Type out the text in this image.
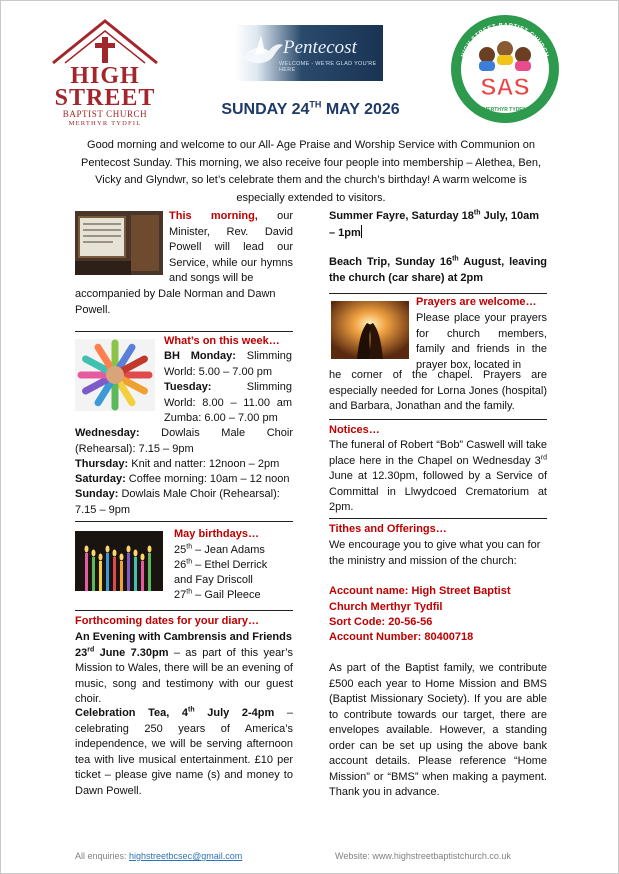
HIGH
STREET
BAPTIST CHURCH
MERTHYR TYDFIL
Pentecost
WELCOME - WE'RE GLAD YOU'RE HERE
HIGH STREET BAPTIST CHURCH
SAS
MERTHYR TYDFIL
SUNDAY 24TH MAY 2026
Good morning and welcome to our All- Age Praise and Worship Service with Communion on Pentecost Sunday. This morning, we also receive four people into membership – Alethea, Ben, Vicky and Glyndwr, so let’s celebrate them and the church’s birthday! A warm welcome is especially extended to visitors.
This morning, our Minister, Rev. David Powell will lead our Service, while our hymns and songs will be
accompanied by Dale Norman and Dawn Powell.
What’s on this week…
BH Monday: Slimming World: 5.00 – 7.00 pm
Tuesday: Slimming World: 8.00 – 11.00 am Zumba: 6.00 – 7.00 pm
Wednesday: Dowlais Male Choir (Rehearsal): 7.15 – 9pm
Thursday: Knit and natter: 12noon – 2pm
Saturday: Coffee morning: 10am – 12 noon
Sunday: Dowlais Male Choir (Rehearsal): 7.15 – 9pm
May birthdays…
25th – Jean Adams
26th – Ethel Derrick
and Fay Driscoll
27th – Gail Pleece
Forthcoming dates for your diary…
An Evening with Cambrensis and Friends
23rd June 7.30pm – as part of this year’s Mission to Wales, there will be an evening of music, song and testimony with our guest choir.
Celebration Tea, 4th July 2-4pm – celebrating 250 years of America’s independence, we will be serving afternoon tea with live musical entertainment. £10 per ticket – please give name (s) and money to Dawn Powell.
Summer Fayre, Saturday 18th July, 10am – 1pm
Beach Trip, Sunday 16th August, leaving the church (car share) at 2pm
Prayers are welcome…
Please place your prayers for church members, family and friends in the prayer box, located in
he corner of the chapel. Prayers are especially needed for Lorna Jones (hospital) and Barbara, Jonathan and the family.
Notices…
The funeral of Robert “Bob” Caswell will take place here in the Chapel on Wednesday 3rd June at 12.30pm, followed by a Service of Committal in Llwydcoed Crematorium at 2pm.
Tithes and Offerings…
We encourage you to give what you can for the ministry and mission of the church:
Account name: High Street Baptist Church Merthyr Tydfil
Sort Code: 20-56-56
Account Number: 80400718
As part of the Baptist family, we contribute £500 each year to Home Mission and BMS (Baptist Missionary Society). If you are able to contribute towards our target, there are envelopes available. However, a standing order can be set up using the above bank account details. Please reference “Home Mission” or “BMS” when making a payment. Thank you in advance.
All enquiries: highstreetbcsec@gmail.com	Website: www.highstreetbaptistchurch.co.uk
